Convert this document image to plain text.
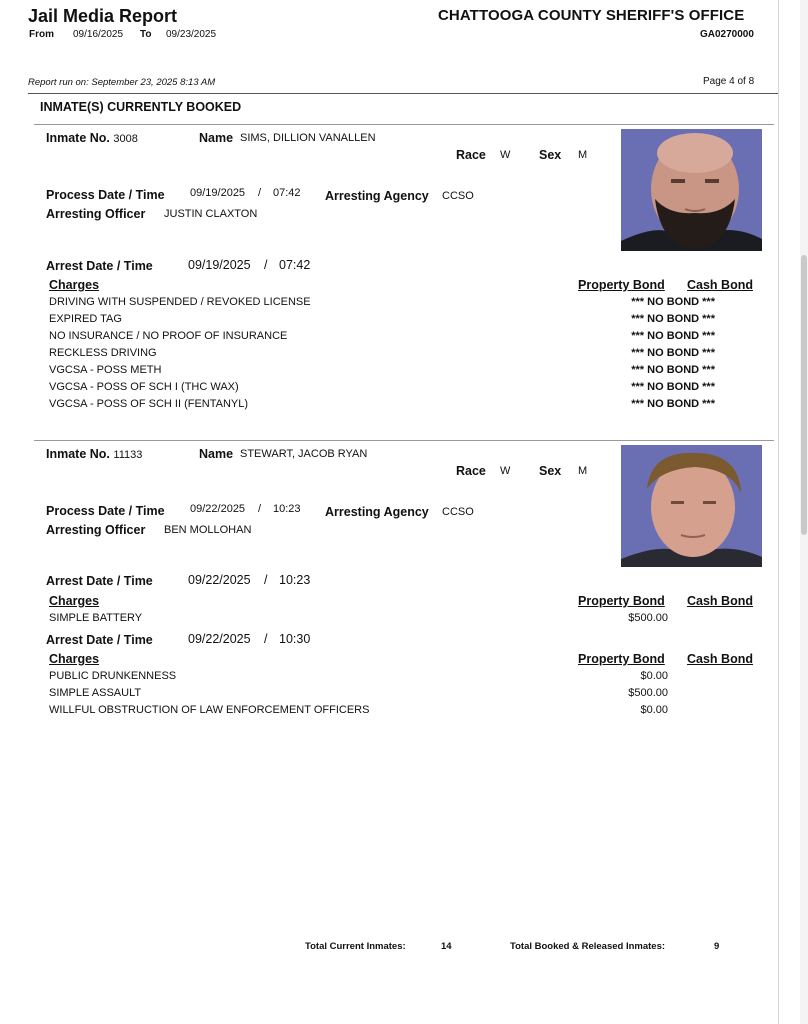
Jail Media Report	CHATTOOGA COUNTY SHERIFF'S OFFICE
From 09/16/2025 To 09/23/2025	GA0270000
Report run on: September 23, 2025 8:13 AM	Page 4 of 8
INMATE(S) CURRENTLY BOOKED
Inmate No. 3008	Name SIMS, DILLION VANALLEN
Race W Sex M
Process Date / Time 09/19/2025 / 07:42 Arresting Agency CCSO
Arresting Officer JUSTIN CLAXTON
Arrest Date / Time	09/19/2025 / 07:42
Charges	Property Bond Cash Bond
DRIVING WITH SUSPENDED / REVOKED LICENSE	*** NO BOND ***
EXPIRED TAG	*** NO BOND ***
NO INSURANCE / NO PROOF OF INSURANCE	*** NO BOND ***
RECKLESS DRIVING	*** NO BOND ***
VGCSA - POSS METH	*** NO BOND ***
VGCSA - POSS OF SCH I (THC WAX)	*** NO BOND ***
VGCSA - POSS OF SCH II (FENTANYL)	*** NO BOND ***
Inmate No. 11133	Name STEWART, JACOB RYAN
Race W Sex M
Process Date / Time 09/22/2025 / 10:23 Arresting Agency CCSO
Arresting Officer BEN MOLLOHAN
Arrest Date / Time	09/22/2025 / 10:23
Charges	Property Bond Cash Bond
SIMPLE BATTERY	$500.00
Arrest Date / Time	09/22/2025 / 10:30
Charges	Property Bond Cash Bond
PUBLIC DRUNKENNESS	$0.00
SIMPLE ASSAULT	$500.00
WILLFUL OBSTRUCTION OF LAW ENFORCEMENT OFFICERS	$0.00
Total Current Inmates:	14	Total Booked & Released Inmates:	9
